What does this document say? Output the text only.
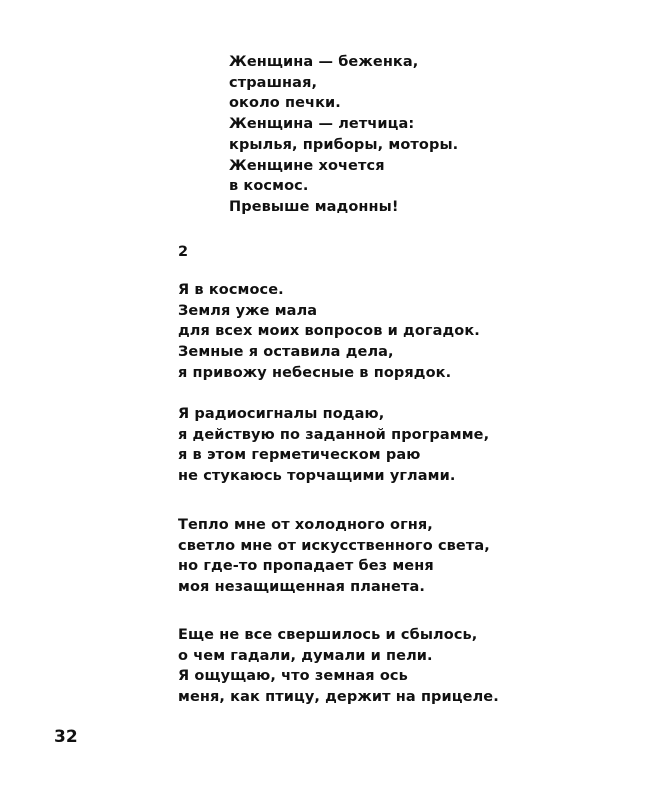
Женщина — беженка,
страшная,
около печки.
Женщина — летчица:
крылья, приборы, моторы.
Женщине хочется
в космос.
Превыше мадонны!
2
Я в космосе.
Земля уже мала
для всех моих вопросов и догадок.
Земные я оставила дела,
я привожу небесные в порядок.
Я радиосигналы подаю,
я действую по заданной программе,
я в этом герметическом раю
не стукаюсь торчащими углами.
Тепло мне от холодного огня,
светло мне от искусственного света,
но где-то пропадает без меня
моя незащищенная планета.
Еще не все свершилось и сбылось,
о чем гадали, думали и пели.
Я ощущаю, что земная ось
меня, как птицу, держит на прицеле.
32
